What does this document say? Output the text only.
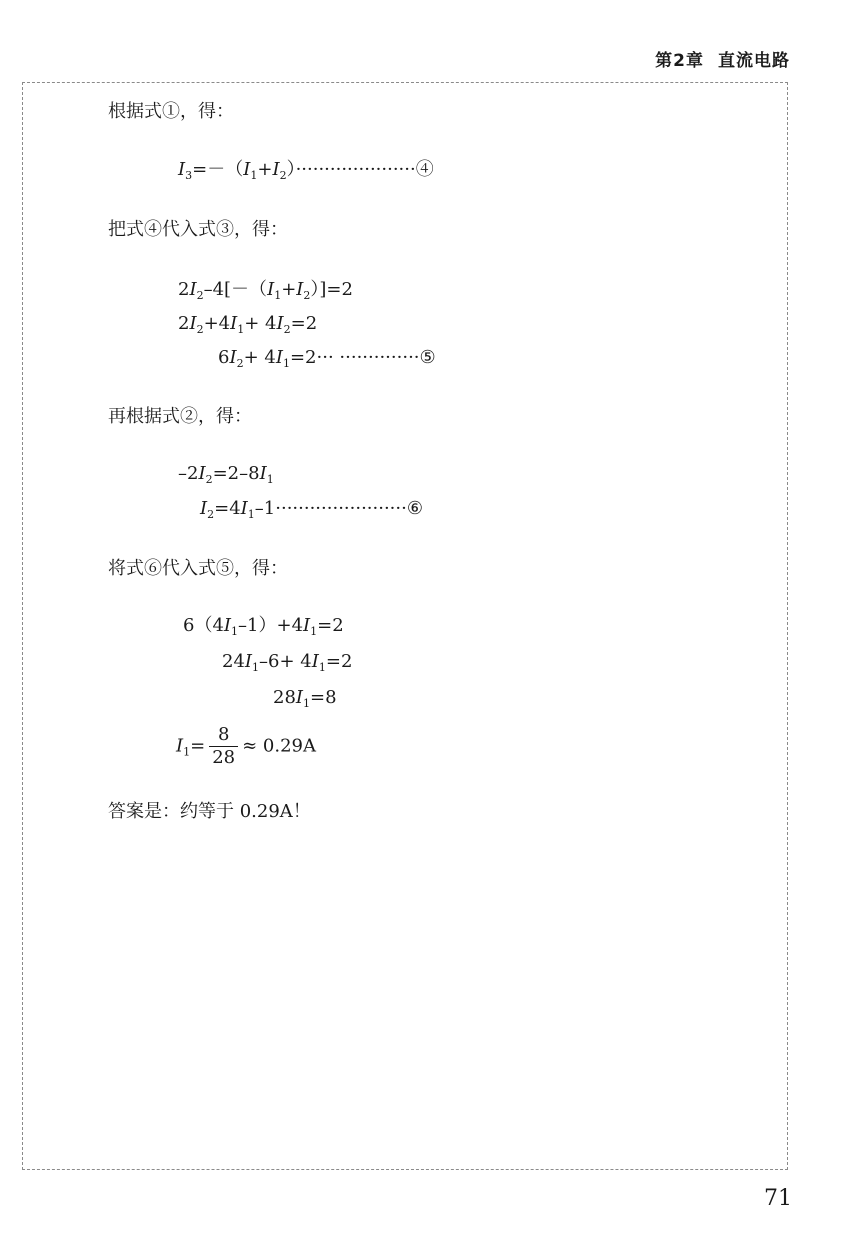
第2章 直流电路
根据式①，得：
$I_3=-(I_1+I_2)\cdot\cdot\cdot\cdot\cdot\cdot\cdot\cdot\cdot\cdot\cdot\cdot\cdot\cdot\cdot\cdot\cdot\cdot\cdot\cdot\cdot ④$
把式④代入式③，得：
$2I_2-4[-(I_1+I_2)]=2$
$2I_2+4I_1+ 4I_2=2$
$6I_2+ 4I_1=2\cdot\cdot\cdot$ ··············⑤
再根据式②，得：
$-2I_2=2-8I_1$
$I_2=4I_1-1\cdot\cdot\cdot\cdot\cdot\cdot\cdot\cdot\cdot\cdot\cdot\cdot\cdot\cdot\cdot\cdot\cdot\cdot\cdot\cdot\cdot\cdot\cdot ⑥$
将式⑥代入式⑤，得：
$6(4I_1-1)+4I_1=2$
$24I_1-6+ 4I_1=2$
$28I_1=8$
$I_1= \frac{8}{28} \approx 0.29A$
答案是：约等于 0.29A！
71
